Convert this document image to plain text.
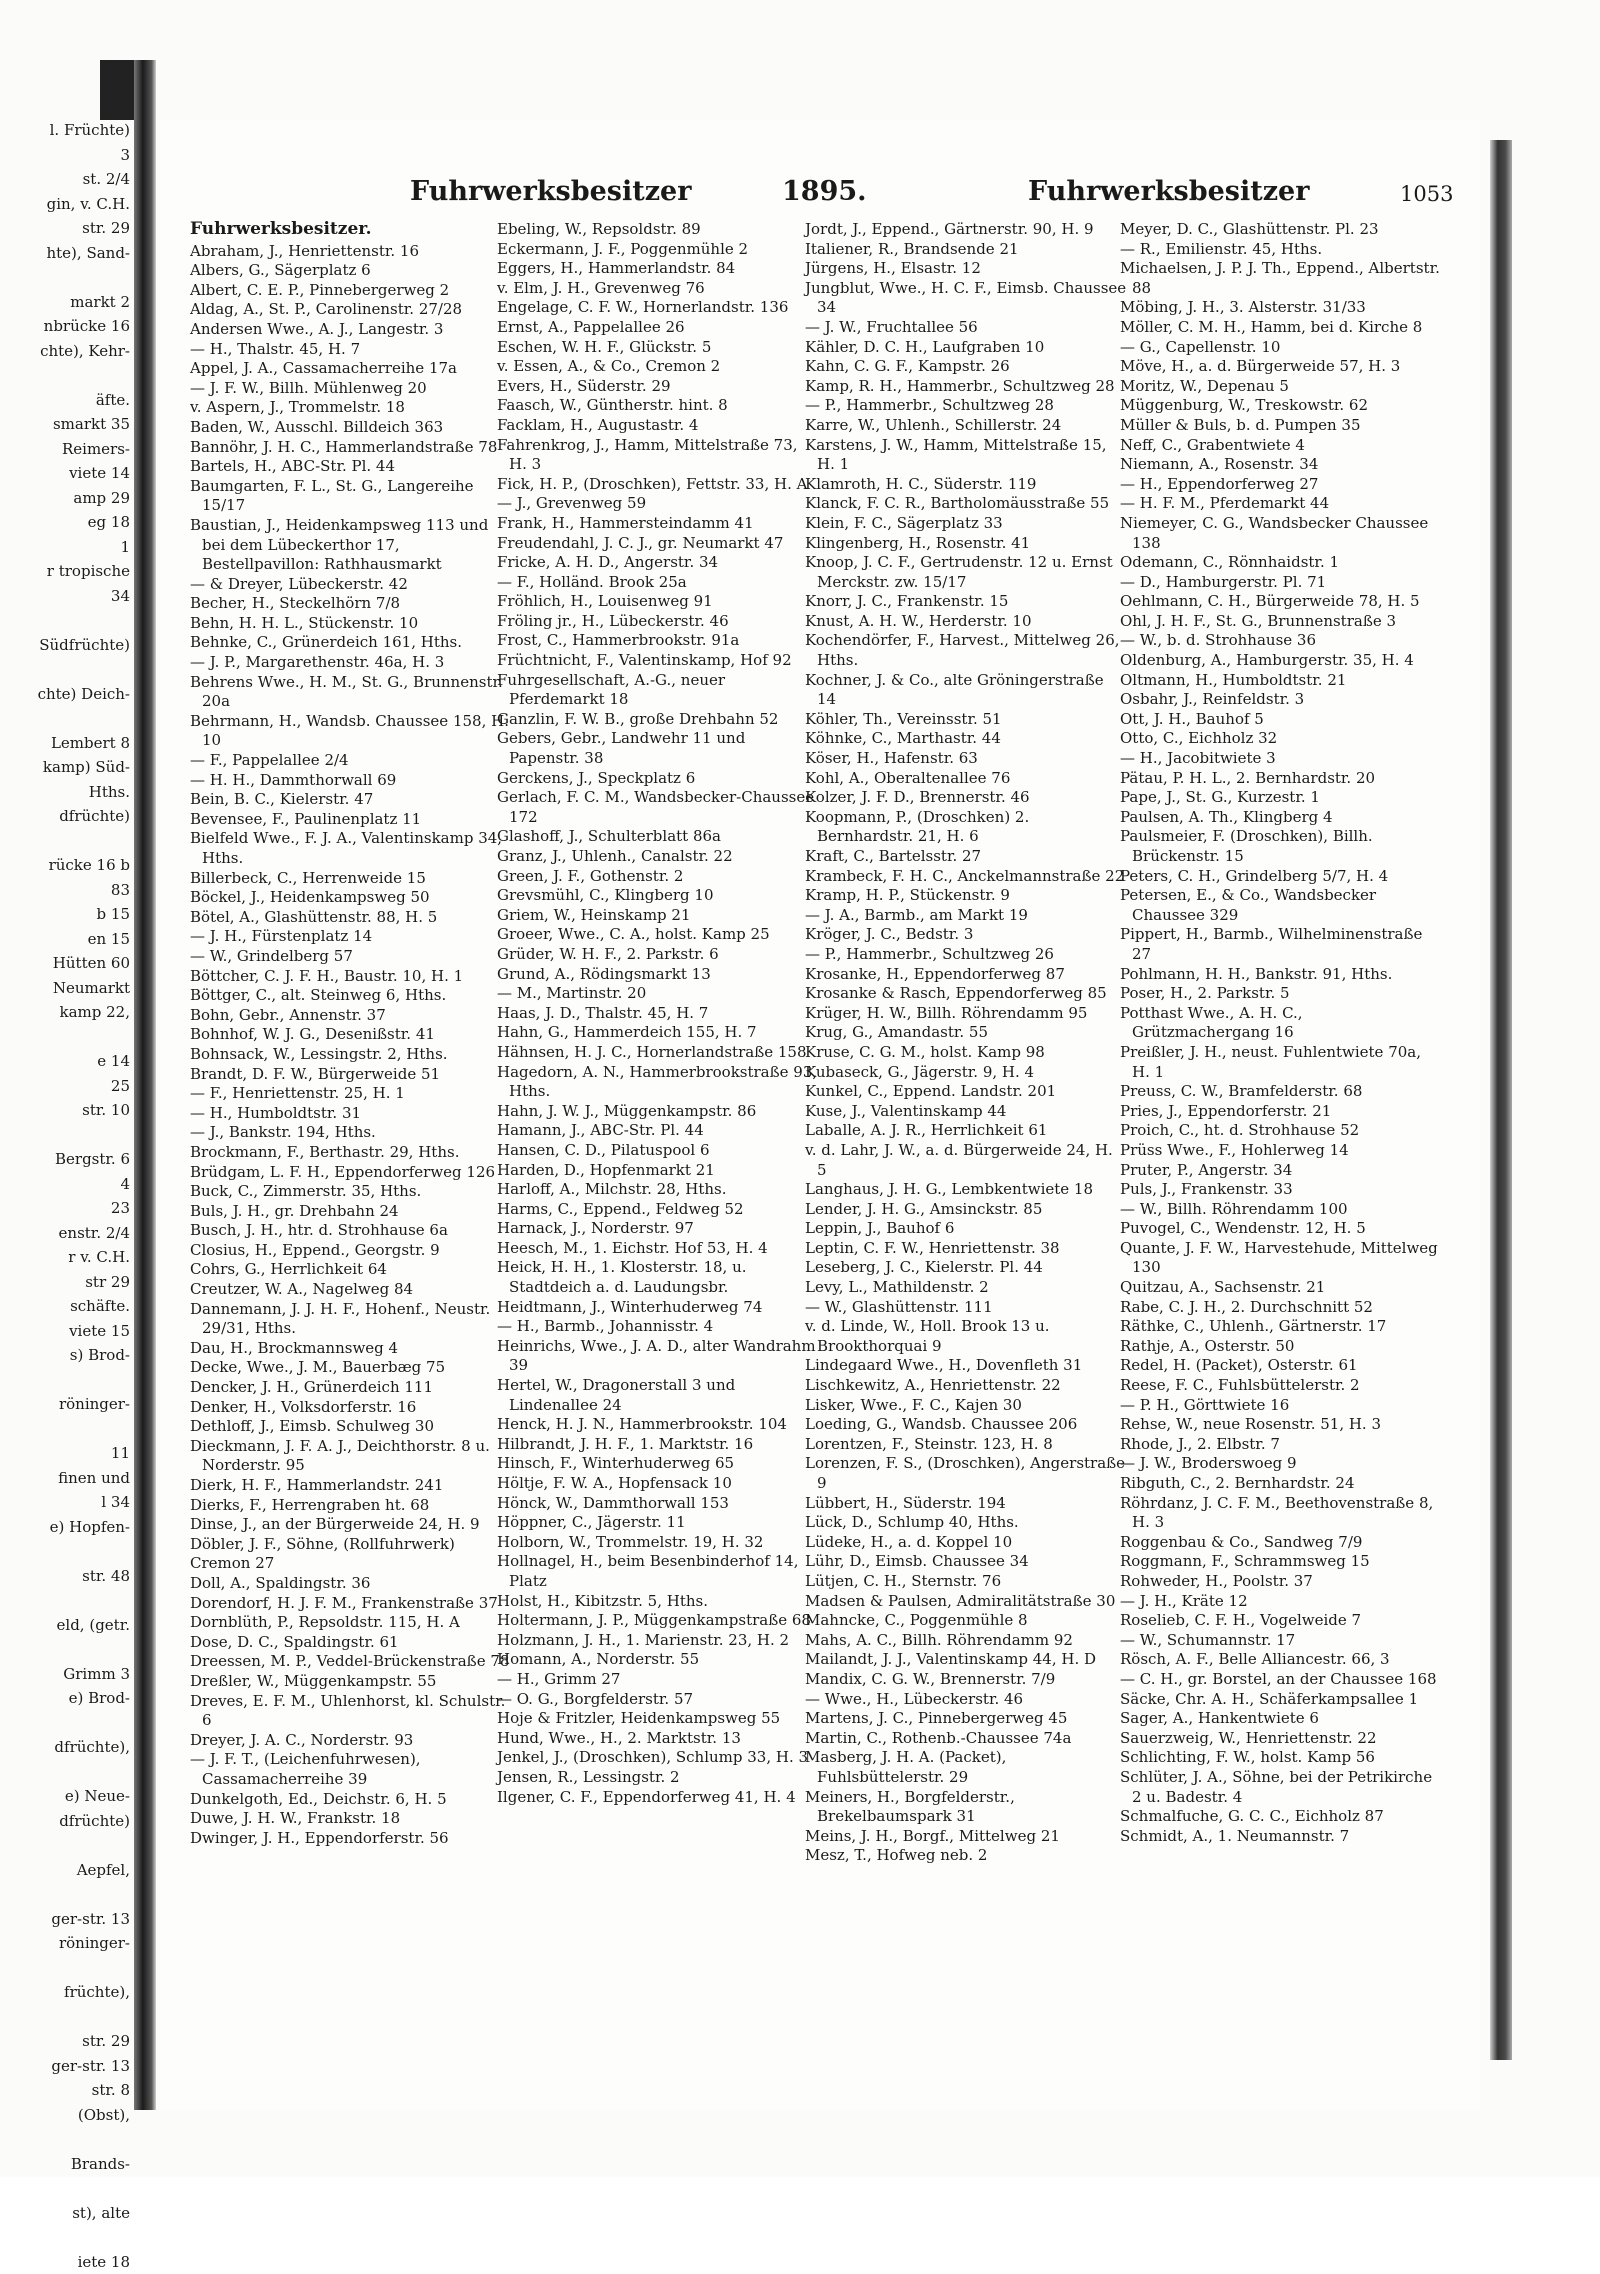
l. Früchte)
3
st. 2/4
gin, v. C.H.
str. 29
hte), Sand-

markt 2
nbrücke 16
chte), Kehr-

äfte.
smarkt 35
Reimers-
viete 14
amp 29
eg 18
1
r tropische
34

Südfrüchte)

chte) Deich-

Lembert 8
kamp) Süd-
Hths.
dfrüchte)

rücke 16 b
83
b 15
en 15
Hütten 60
Neumarkt
kamp 22,

e 14
25
str. 10

Bergstr. 6
4
23
enstr. 2/4
r v. C.H.
str 29
schäfte.
viete 15
s) Brod-

röninger-

11
finen und
l 34
e) Hopfen-

str. 48

eld, (getr.

Grimm 3
e) Brod-

dfrüchte),

e) Neue-
dfrüchte)

Aepfel,

ger-str. 13
röninger-

früchte),

str. 29
ger-str. 13
str. 8
(Obst),

Brands-

st), alte

iete 18
Fuhrwerksbesitzer	1895.	Fuhrwerksbesitzer	1053
Fuhrwerksbesitzer.
Abraham, J., Henriettenstr. 16
Albers, G., Sägerplatz 6
Albert, C. E. P., Pinnebergerweg 2
Aldag, A., St. P., Carolinenstr. 27/28
Andersen Wwe., A. J., Langestr. 3
— H., Thalstr. 45, H. 7
Appel, J. A., Cassamacherreihe 17a
— J. F. W., Billh. Mühlenweg 20
v. Aspern, J., Trommelstr. 18
Baden, W., Ausschl. Billdeich 363
Bannöhr, J. H. C., Hammerlandstraße 78
Bartels, H., ABC-Str. Pl. 44
Baumgarten, F. L., St. G., Langereihe 15/17
Baustian, J., Heidenkampsweg 113 und bei dem Lübeckerthor 17, Bestellpavillon: Rathhausmarkt
— & Dreyer, Lübeckerstr. 42
Becher, H., Steckelhörn 7/8
Behn, H. H. L., Stückenstr. 10
Behnke, C., Grünerdeich 161, Hths.
— J. P., Margarethenstr. 46a, H. 3
Behrens Wwe., H. M., St. G., Brunnenstr. 20a
Behrmann, H., Wandsb. Chaussee 158, H. 10
— F., Pappelallee 2/4
— H. H., Dammthorwall 69
Bein, B. C., Kielerstr. 47
Bevensee, F., Paulinenplatz 11
Bielfeld Wwe., F. J. A., Valentinskamp 34, Hths.
Billerbeck, C., Herrenweide 15
Böckel, J., Heidenkampsweg 50
Bötel, A., Glashüttenstr. 88, H. 5
— J. H., Fürstenplatz 14
— W., Grindelberg 57
Böttcher, C. J. F. H., Baustr. 10, H. 1
Böttger, C., alt. Steinweg 6, Hths.
Bohn, Gebr., Annenstr. 37
Bohnhof, W. J. G., Desenißstr. 41
Bohnsack, W., Lessingstr. 2, Hths.
Brandt, D. F. W., Bürgerweide 51
— F., Henriettenstr. 25, H. 1
— H., Humboldtstr. 31
— J., Bankstr. 194, Hths.
Brockmann, F., Berthastr. 29, Hths.
Brüdgam, L. F. H., Eppendorferweg 126
Buck, C., Zimmerstr. 35, Hths.
Buls, J. H., gr. Drehbahn 24
Busch, J. H., htr. d. Strohhause 6a
Closius, H., Eppend., Georgstr. 9
Cohrs, G., Herrlichkeit 64
Creutzer, W. A., Nagelweg 84
Dannemann, J. J. H. F., Hohenf., Neustr. 29/31, Hths.
Dau, H., Brockmannsweg 4
Decke, Wwe., J. M., Bauerbæg 75
Dencker, J. H., Grünerdeich 111
Denker, H., Volksdorferstr. 16
Dethloff, J., Eimsb. Schulweg 30
Dieckmann, J. F. A. J., Deichthorstr. 8 u. Norderstr. 95
Dierk, H. F., Hammerlandstr. 241
Dierks, F., Herrengraben ht. 68
Dinse, J., an der Bürgerweide 24, H. 9
Döbler, J. F., Söhne, (Rollfuhrwerk)
Cremon 27
Doll, A., Spaldingstr. 36
Dorendorf, H. J. F. M., Frankenstraße 37
Dornblüth, P., Repsoldstr. 115, H. A
Dose, D. C., Spaldingstr. 61
Dreessen, M. P., Veddel-Brückenstraße 78
Dreßler, W., Müggenkampstr. 55
Dreves, E. F. M., Uhlenhorst, kl. Schulstr. 6
Dreyer, J. A. C., Norderstr. 93
— J. F. T., (Leichenfuhrwesen), Cassamacherreihe 39
Dunkelgoth, Ed., Deichstr. 6, H. 5
Duwe, J. H. W., Frankstr. 18
Dwinger, J. H., Eppendorferstr. 56
Ebeling, W., Repsoldstr. 89
Eckermann, J. F., Poggenmühle 2
Eggers, H., Hammerlandstr. 84
v. Elm, J. H., Grevenweg 76
Engelage, C. F. W., Hornerlandstr. 136
Ernst, A., Pappelallee 26
Eschen, W. H. F., Glückstr. 5
v. Essen, A., & Co., Cremon 2
Evers, H., Süderstr. 29
Faasch, W., Güntherstr. hint. 8
Facklam, H., Augustastr. 4
Fahrenkrog, J., Hamm, Mittelstraße 73, H. 3
Fick, H. P., (Droschken), Fettstr. 33, H. A
— J., Grevenweg 59
Frank, H., Hammersteindamm 41
Freudendahl, J. C. J., gr. Neumarkt 47
Fricke, A. H. D., Angerstr. 34
— F., Holländ. Brook 25a
Fröhlich, H., Louisenweg 91
Fröling jr., H., Lübeckerstr. 46
Frost, C., Hammerbrookstr. 91a
Früchtnicht, F., Valentinskamp, Hof 92
Fuhrgesellschaft, A.-G., neuer Pferdemarkt 18
Ganzlin, F. W. B., große Drehbahn 52
Gebers, Gebr., Landwehr 11 und Papenstr. 38
Gerckens, J., Speckplatz 6
Gerlach, F. C. M., Wandsbecker-Chaussee 172
Glashoff, J., Schulterblatt 86a
Granz, J., Uhlenh., Canalstr. 22
Green, J. F., Gothenstr. 2
Grevsmühl, C., Klingberg 10
Griem, W., Heinskamp 21
Groeer, Wwe., C. A., holst. Kamp 25
Grüder, W. H. F., 2. Parkstr. 6
Grund, A., Rödingsmarkt 13
— M., Martinstr. 20
Haas, J. D., Thalstr. 45, H. 7
Hahn, G., Hammerdeich 155, H. 7
Hähnsen, H. J. C., Hornerlandstraße 158
Hagedorn, A. N., Hammerbrookstraße 93, Hths.
Hahn, J. W. J., Müggenkampstr. 86
Hamann, J., ABC-Str. Pl. 44
Hansen, C. D., Pilatuspool 6
Harden, D., Hopfenmarkt 21
Harloff, A., Milchstr. 28, Hths.
Harms, C., Eppend., Feldweg 52
Harnack, J., Norderstr. 97
Heesch, M., 1. Eichstr. Hof 53, H. 4
Heick, H. H., 1. Klosterstr. 18, u. Stadtdeich a. d. Laudungsbr.
Heidtmann, J., Winterhuderweg 74
— H., Barmb., Johannisstr. 4
Heinrichs, Wwe., J. A. D., alter Wandrahm 39
Hertel, W., Dragonerstall 3 und Lindenallee 24
Henck, H. J. N., Hammerbrookstr. 104
Hilbrandt, J. H. F., 1. Marktstr. 16
Hinsch, F., Winterhuderweg 65
Höltje, F. W. A., Hopfensack 10
Hönck, W., Dammthorwall 153
Höppner, C., Jägerstr. 11
Holborn, W., Trommelstr. 19, H. 32
Hollnagel, H., beim Besenbinderhof 14, Platz
Holst, H., Kibitzstr. 5, Hths.
Holtermann, J. P., Müggenkampstraße 68
Holzmann, J. H., 1. Marienstr. 23, H. 2
Homann, A., Norderstr. 55
— H., Grimm 27
— O. G., Borgfelderstr. 57
Hoje & Fritzler, Heidenkampsweg 55
Hund, Wwe., H., 2. Marktstr. 13
Jenkel, J., (Droschken), Schlump 33, H. 3
Jensen, R., Lessingstr. 2
Ilgener, C. F., Eppendorferweg 41, H. 4
Jordt, J., Eppend., Gärtnerstr. 90, H. 9
Italiener, R., Brandsende 21
Jürgens, H., Elsastr. 12
Jungblut, Wwe., H. C. F., Eimsb. Chaussee 34
— J. W., Fruchtallee 56
Kähler, D. C. H., Laufgraben 10
Kahn, C. G. F., Kampstr. 26
Kamp, R. H., Hammerbr., Schultzweg 28
— P., Hammerbr., Schultzweg 28
Karre, W., Uhlenh., Schillerstr. 24
Karstens, J. W., Hamm, Mittelstraße 15, H. 1
Klamroth, H. C., Süderstr. 119
Klanck, F. C. R., Bartholomäusstraße 55
Klein, F. C., Sägerplatz 33
Klingenberg, H., Rosenstr. 41
Knoop, J. C. F., Gertrudenstr. 12 u. Ernst Merckstr. zw. 15/17
Knorr, J. C., Frankenstr. 15
Knust, A. H. W., Herderstr. 10
Kochendörfer, F., Harvest., Mittelweg 26, Hths.
Kochner, J. & Co., alte Gröningerstraße 14
Köhler, Th., Vereinsstr. 51
Köhnke, C., Marthastr. 44
Köser, H., Hafenstr. 63
Kohl, A., Oberaltenallee 76
Kolzer, J. F. D., Brennerstr. 46
Koopmann, P., (Droschken) 2. Bernhardstr. 21, H. 6
Kraft, C., Bartelsstr. 27
Krambeck, F. H. C., Anckelmannstraße 22
Kramp, H. P., Stückenstr. 9
— J. A., Barmb., am Markt 19
Kröger, J. C., Bedstr. 3
— P., Hammerbr., Schultzweg 26
Krosanke, H., Eppendorferweg 87
Krosanke & Rasch, Eppendorferweg 85
Krüger, H. W., Billh. Röhrendamm 95
Krug, G., Amandastr. 55
Kruse, C. G. M., holst. Kamp 98
Kubaseck, G., Jägerstr. 9, H. 4
Kunkel, C., Eppend. Landstr. 201
Kuse, J., Valentinskamp 44
Laballe, A. J. R., Herrlichkeit 61
v. d. Lahr, J. W., a. d. Bürgerweide 24, H. 5
Langhaus, J. H. G., Lembkentwiete 18
Lender, J. H. G., Amsinckstr. 85
Leppin, J., Bauhof 6
Leptin, C. F. W., Henriettenstr. 38
Leseberg, J. C., Kielerstr. Pl. 44
Levy, L., Mathildenstr. 2
— W., Glashüttenstr. 111
v. d. Linde, W., Holl. Brook 13 u. Brookthorquai 9
Lindegaard Wwe., H., Dovenfleth 31
Lischkewitz, A., Henriettenstr. 22
Lisker, Wwe., F. C., Kajen 30
Loeding, G., Wandsb. Chaussee 206
Lorentzen, F., Steinstr. 123, H. 8
Lorenzen, F. S., (Droschken), Angerstraße 9
Lübbert, H., Süderstr. 194
Lück, D., Schlump 40, Hths.
Lüdeke, H., a. d. Koppel 10
Lühr, D., Eimsb. Chaussee 34
Lütjen, C. H., Sternstr. 76
Madsen & Paulsen, Admiralitätstraße 30
Mahncke, C., Poggenmühle 8
Mahs, A. C., Billh. Röhrendamm 92
Mailandt, J. J., Valentinskamp 44, H. D
Mandix, C. G. W., Brennerstr. 7/9
— Wwe., H., Lübeckerstr. 46
Martens, J. C., Pinnebergerweg 45
Martin, C., Rothenb.-Chaussee 74a
Masberg, J. H. A. (Packet), Fuhlsbüttelerstr. 29
Meiners, H., Borgfelderstr., Brekelbaumspark 31
Meins, J. H., Borgf., Mittelweg 21
Mesz, T., Hofweg neb. 2
Meyer, D. C., Glashüttenstr. Pl. 23
— R., Emilienstr. 45, Hths.
Michaelsen, J. P. J. Th., Eppend., Albertstr. 88
Möbing, J. H., 3. Alsterstr. 31/33
Möller, C. M. H., Hamm, bei d. Kirche 8
— G., Capellenstr. 10
Möve, H., a. d. Bürgerweide 57, H. 3
Moritz, W., Depenau 5
Müggenburg, W., Treskowstr. 62
Müller & Buls, b. d. Pumpen 35
Neff, C., Grabentwiete 4
Niemann, A., Rosenstr. 34
— H., Eppendorferweg 27
— H. F. M., Pferdemarkt 44
Niemeyer, C. G., Wandsbecker Chaussee 138
Odemann, C., Rönnhaidstr. 1
— D., Hamburgerstr. Pl. 71
Oehlmann, C. H., Bürgerweide 78, H. 5
Ohl, J. H. F., St. G., Brunnenstraße 3
— W., b. d. Strohhause 36
Oldenburg, A., Hamburgerstr. 35, H. 4
Oltmann, H., Humboldtstr. 21
Osbahr, J., Reinfeldstr. 3
Ott, J. H., Bauhof 5
Otto, C., Eichholz 32
— H., Jacobitwiete 3
Pätau, P. H. L., 2. Bernhardstr. 20
Pape, J., St. G., Kurzestr. 1
Paulsen, A. Th., Klingberg 4
Paulsmeier, F. (Droschken), Billh. Brückenstr. 15
Peters, C. H., Grindelberg 5/7, H. 4
Petersen, E., & Co., Wandsbecker Chaussee 329
Pippert, H., Barmb., Wilhelminenstraße 27
Pohlmann, H. H., Bankstr. 91, Hths.
Poser, H., 2. Parkstr. 5
Potthast Wwe., A. H. C., Grützmachergang 16
Preißler, J. H., neust. Fuhlentwiete 70a, H. 1
Preuss, C. W., Bramfelderstr. 68
Pries, J., Eppendorferstr. 21
Proich, C., ht. d. Strohhause 52
Prüss Wwe., F., Hohlerweg 14
Pruter, P., Angerstr. 34
Puls, J., Frankenstr. 33
— W., Billh. Röhrendamm 100
Puvogel, C., Wendenstr. 12, H. 5
Quante, J. F. W., Harvestehude, Mittelweg 130
Quitzau, A., Sachsenstr. 21
Rabe, C. J. H., 2. Durchschnitt 52
Räthke, C., Uhlenh., Gärtnerstr. 17
Rathje, A., Osterstr. 50
Redel, H. (Packet), Osterstr. 61
Reese, F. C., Fuhlsbüttelerstr. 2
— P. H., Görttwiete 16
Rehse, W., neue Rosenstr. 51, H. 3
Rhode, J., 2. Elbstr. 7
— J. W., Broderswoeg 9
Ribguth, C., 2. Bernhardstr. 24
Röhrdanz, J. C. F. M., Beethovenstraße 8, H. 3
Roggenbau & Co., Sandweg 7/9
Roggmann, F., Schrammsweg 15
Rohweder, H., Poolstr. 37
— J. H., Kräte 12
Roselieb, C. F. H., Vogelweide 7
— W., Schumannstr. 17
Rösch, A. F., Belle Alliancestr. 66, 3
— C. H., gr. Borstel, an der Chaussee 168
Säcke, Chr. A. H., Schäferkampsallee 1
Sager, A., Hankentwiete 6
Sauerzweig, W., Henriettenstr. 22
Schlichting, F. W., holst. Kamp 56
Schlüter, J. A., Söhne, bei der Petrikirche 2 u. Badestr. 4
Schmalfuche, G. C. C., Eichholz 87
Schmidt, A., 1. Neumannstr. 7
